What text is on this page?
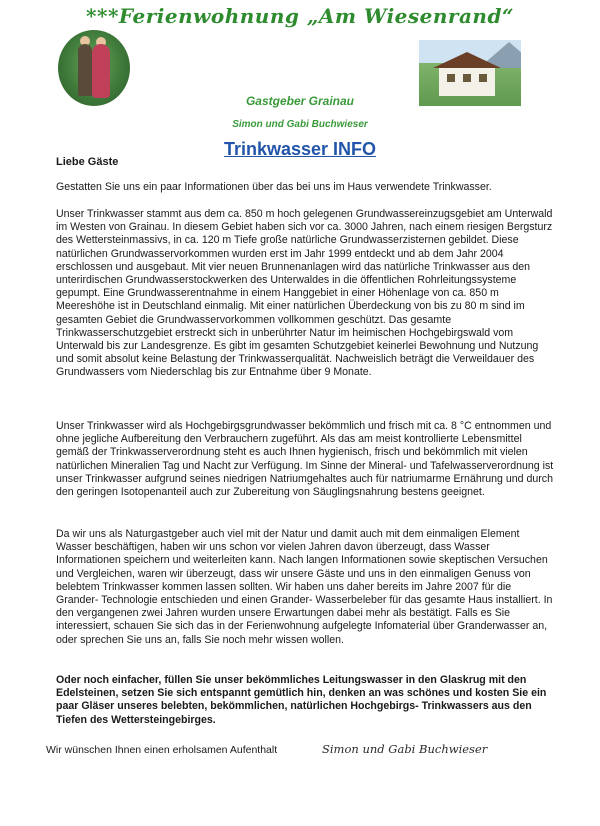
***Ferienwohnung „Am Wiesenrand“
Gastgeber Grainau
Simon und Gabi Buchwieser
Trinkwasser INFO
Liebe Gäste

Gestatten Sie uns ein paar Informationen über das bei uns im Haus verwendete Trinkwasser.

Unser Trinkwasser stammt aus dem ca. 850 m hoch gelegenen Grundwassereinzugsgebiet am Unterwald im Westen von Grainau. In diesem Gebiet haben sich vor ca. 3000 Jahren, nach einem riesigen Bergsturz des Wettersteinmassivs, in ca. 120 m Tiefe große natürliche Grundwasserzisternen gebildet. Diese natürlichen Grundwasservorkommen wurden erst im Jahr 1999 entdeckt und ab dem Jahr 2004 erschlossen und ausgebaut. Mit vier neuen Brunnenanlagen wird das natürliche Trinkwasser aus den unterirdischen Grundwasserstockwerken des Unterwaldes in die öffentlichen Rohrleitungssysteme gepumpt. Eine Grundwasserentnahme in einem Hanggebiet in einer Höhenlage von ca. 850 m Meereshöhe ist in Deutschland einmalig. Mit einer natürlichen Überdeckung von bis zu 80 m sind im gesamten Gebiet die Grundwasservorkommen vollkommen geschützt. Das gesamte Trinkwasserschutzgebiet erstreckt sich in unberührter Natur im heimischen Hochgebirgswald vom Unterwald bis zur Landesgrenze. Es gibt im gesamten Schutzgebiet keinerlei Bewohnung und Nutzung und somit absolut keine Belastung der Trinkwasserqualität. Nachweislich beträgt die Verweildauer des Grundwassers vom Niederschlag bis zur Entnahme über 9 Monate.

Unser Trinkwasser wird als Hochgebirgsgrundwasser bekömmlich und frisch mit ca. 8 °C entnommen und ohne jegliche Aufbereitung den Verbrauchern zugeführt. Als das am meist kontrollierte Lebensmittel gemäß der Trinkwasserverordnung steht es auch Ihnen hygienisch, frisch und bekömmlich mit vielen natürlichen Mineralien Tag und Nacht zur Verfügung. Im Sinne der Mineral- und Tafelwasserverordnung ist unser Trinkwasser aufgrund seines niedrigen Natriumgehaltes auch für natriumarme Ernährung und durch den geringen Isotopenanteil auch zur Zubereitung von Säuglingsnahrung bestens geeignet.

Da wir uns als Naturgastgeber auch viel mit der Natur und damit auch mit dem einmaligen Element Wasser beschäftigen, haben wir uns schon vor vielen Jahren davon überzeugt, dass Wasser Informationen speichern und weiterleiten kann. Nach langen Informationen sowie skeptischen Versuchen und Vergleichen, waren wir überzeugt, dass wir unsere Gäste und uns in den einmaligen Genuss von belebtem Trinkwasser kommen lassen sollten. Wir haben uns daher bereits im Jahre 2007 für die Grander- Technologie entschieden und einen Grander- Wasserbeleber für das gesamte Haus installiert. In den vergangenen zwei Jahren wurden unsere Erwartungen dabei mehr als bestätigt. Falls es Sie interessiert, schauen Sie sich das in der Ferienwohnung aufgelegte Infomaterial über Granderwasser an, oder sprechen Sie uns an, falls Sie noch mehr wissen wollen.

Oder noch einfacher, füllen Sie unser bekömmliches Leitungswasser in den Glaskrug mit den Edelsteinen, setzen Sie sich entspannt gemütlich hin, denken an was schönes und kosten Sie ein paar Gläser unseres belebten, bekömmlichen, natürlichen Hochgebirgs- Trinkwassers aus den Tiefen des Wettersteingebirges.

Wir wünschen Ihnen einen erholsamen Aufenthalt	Simon und Gabi Buchwieser
